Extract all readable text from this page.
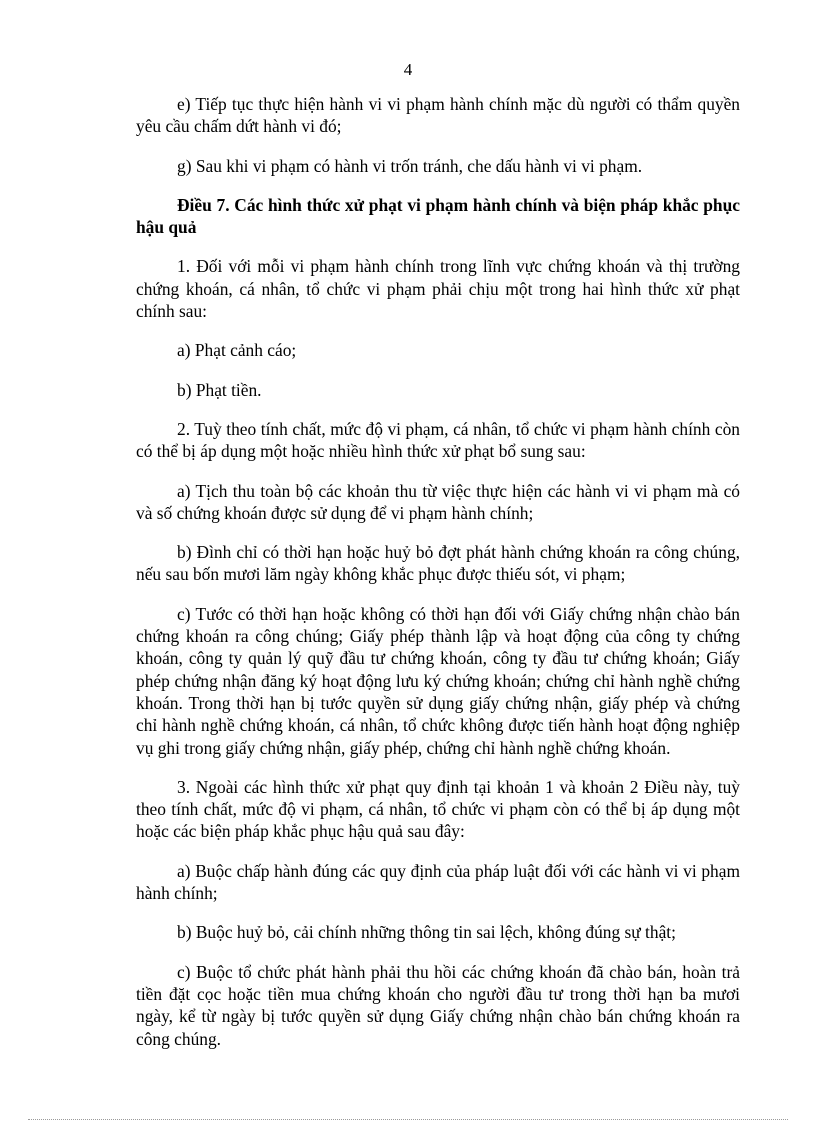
4

e) Tiếp tục thực hiện hành vi vi phạm hành chính mặc dù người có thẩm quyền yêu cầu chấm dứt hành vi đó;

g) Sau khi vi phạm có hành vi trốn tránh, che dấu hành vi vi phạm.

Điều 7. Các hình thức xử phạt vi phạm hành chính và biện pháp khắc phục hậu quả

1. Đối với mỗi vi phạm hành chính trong lĩnh vực chứng khoán và thị trường chứng khoán, cá nhân, tổ chức vi phạm phải chịu một trong hai hình thức xử phạt chính sau:

a) Phạt cảnh cáo;

b) Phạt tiền.

2. Tuỳ theo tính chất, mức độ vi phạm, cá nhân, tổ chức vi phạm hành chính còn có thể bị áp dụng một hoặc nhiều hình thức xử phạt bổ sung sau:

a) Tịch thu toàn bộ các khoản thu từ việc thực hiện các hành vi vi phạm mà có và số chứng khoán được sử dụng để vi phạm hành chính;

b) Đình chỉ có thời hạn hoặc huỷ bỏ đợt phát hành chứng khoán ra công chúng, nếu sau bốn mươi lăm ngày không khắc phục được thiếu sót, vi phạm;

c) Tước có thời hạn hoặc không có thời hạn đối với Giấy chứng nhận chào bán chứng khoán ra công chúng; Giấy phép thành lập và hoạt động của công ty chứng khoán, công ty quản lý quỹ đầu tư chứng khoán, công ty đầu tư chứng khoán; Giấy phép chứng nhận đăng ký hoạt động lưu ký chứng khoán; chứng chỉ hành nghề chứng khoán. Trong thời hạn bị tước quyền sử dụng giấy chứng nhận, giấy phép và chứng chỉ hành nghề chứng khoán, cá nhân, tổ chức không được tiến hành hoạt động nghiệp vụ ghi trong giấy chứng nhận, giấy phép, chứng chỉ hành nghề chứng khoán.

3. Ngoài các hình thức xử phạt quy định tại khoản 1 và khoản 2 Điều này, tuỳ theo tính chất, mức độ vi phạm, cá nhân, tổ chức vi phạm còn có thể bị áp dụng một hoặc các biện pháp khắc phục hậu quả sau đây:

a) Buộc chấp hành đúng các quy định của pháp luật đối với các hành vi vi phạm hành chính;

b) Buộc huỷ bỏ, cải chính những thông tin sai lệch, không đúng sự thật;

c) Buộc tổ chức phát hành phải thu hồi các chứng khoán đã chào bán, hoàn trả tiền đặt cọc hoặc tiền mua chứng khoán cho người đầu tư trong thời hạn ba mươi ngày, kể từ ngày bị tước quyền sử dụng Giấy chứng nhận chào bán chứng khoán ra công chúng.
